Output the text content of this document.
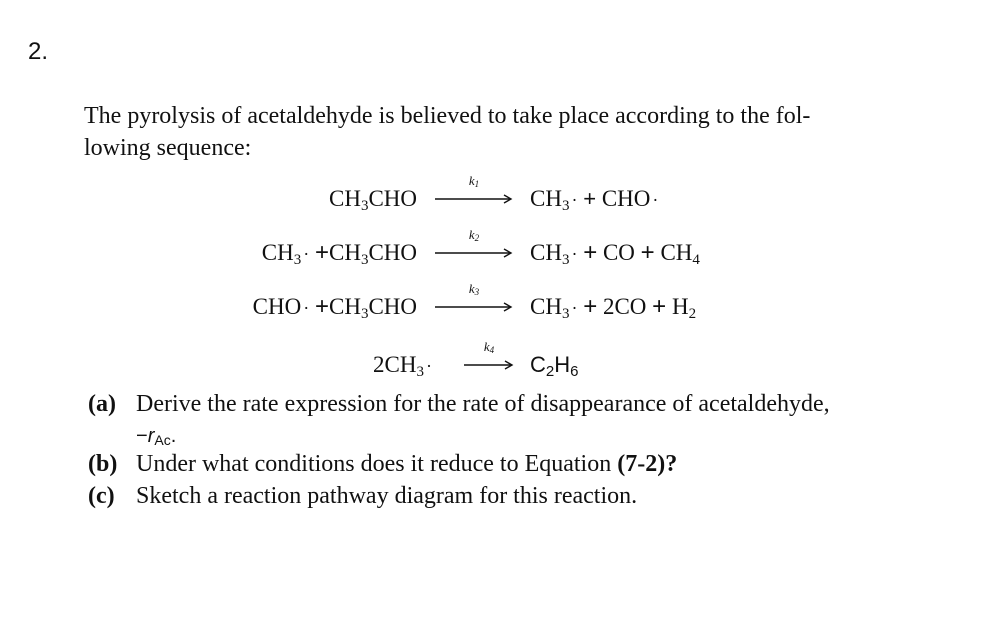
2.
The pyrolysis of acetaldehyde is believed to take place according to the fol-
lowing sequence:
$CH_3CHO$
$k_1$
$CH_3$ · + CHO ·
$CH_3 \cdot +CH_3CHO$
$k_2$
$CH_3$ · + CO + $CH_4$
CHO · $+CH_3CHO$
$k_3$
$CH_3$ · + $2CO + H_2$
$2CH_3$ ·
$k_4$
$C_2H_6$
(a) Derive the rate expression for the rate of disappearance of acetaldehyde,
$-r_{Ac}$.
(b) Under what conditions does it reduce to Equation (7-2)?
(c) Sketch a reaction pathway diagram for this reaction.
